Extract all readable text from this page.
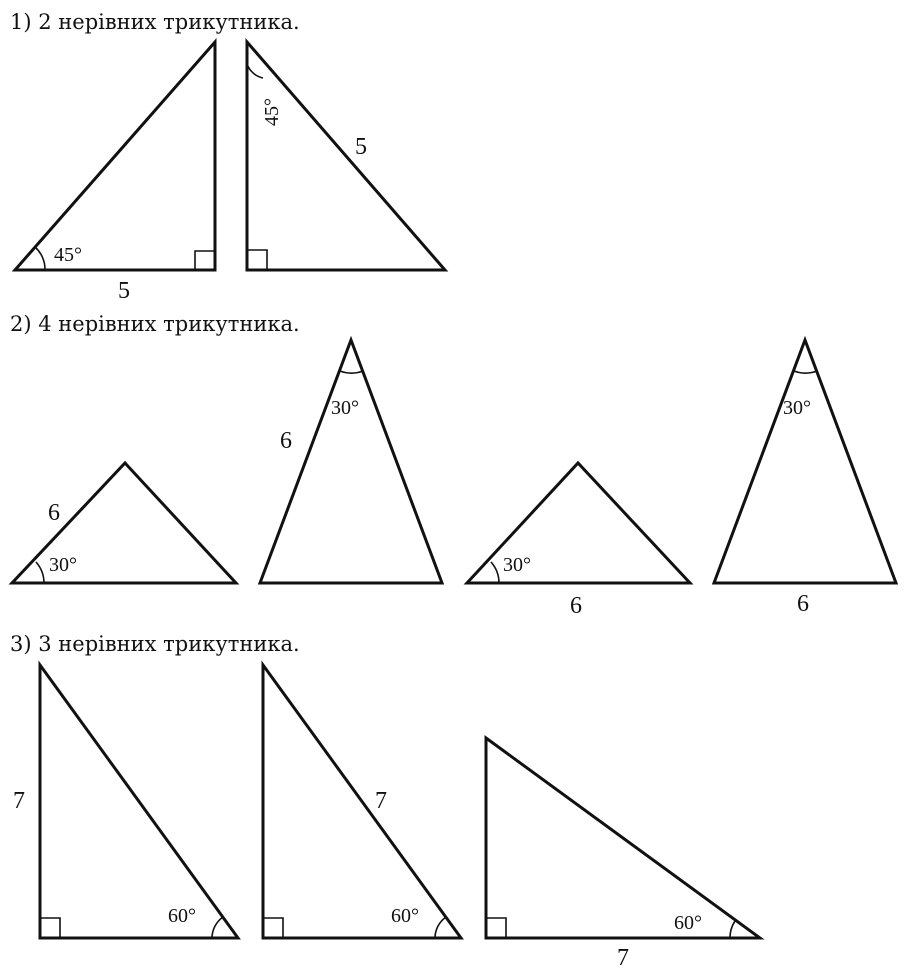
1) 2 нерівних трикутника.
2) 4 нерівних трикутника.
3) 3 нерівних трикутника.
45°
5
45°
5
30°
6
30°
6
30°
6
30°
6
60°
7
60°
7
60°
7
